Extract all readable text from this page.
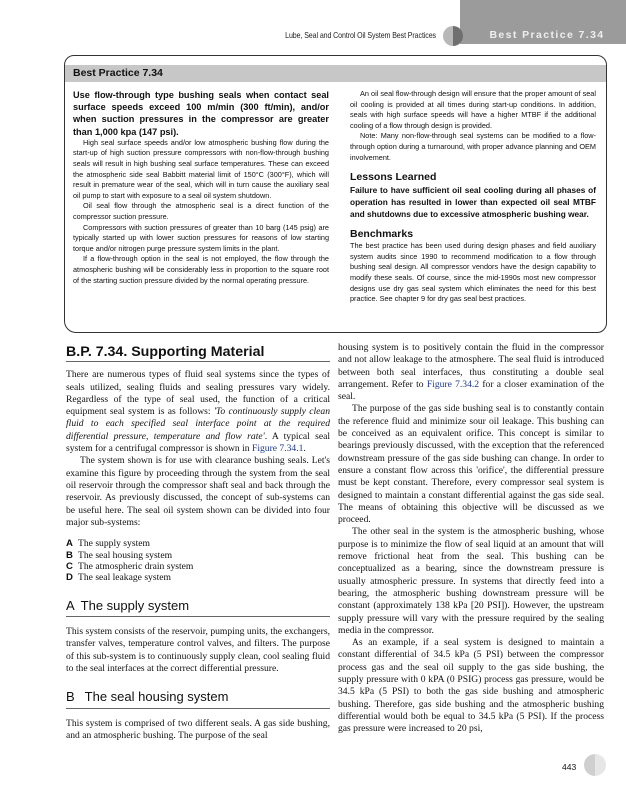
Lube, Seal and Control Oil System Best Practices	Best Practice 7.34
Best Practice 7.34

Use flow-through type bushing seals when contact seal surface speeds exceed 100 m/min (300 ft/min), and/or when suction pressures in the compressor are greater than 1,000 kpa (147 psi).

High seal surface speeds and/or low atmospheric bushing flow during the start-up of high suction pressure compressors with non-flow-through bushing seals will result in high bushing seal surface temperatures. These can exceed the atmospheric side seal Babbitt material limit of 150°C (300°F), which will result in premature wear of the seal, which will in turn cause the auxiliary seal oil pump to start with exposure to a seal oil system shutdown.

Oil seal flow through the atmospheric seal is a direct function of the compressor suction pressure.

Compressors with suction pressures of greater than 10 barg (145 psig) are typically started up with lower suction pressures for reasons of low starting torque and/or nitrogen purge pressure system limits in the plant.

If a flow-through option in the seal is not employed, the flow through the atmospheric bushing will be considerably less in proportion to the square root of the starting suction pressure divided by the normal operating pressure.

An oil seal flow-through design will ensure that the proper amount of seal oil cooling is provided at all times during start-up conditions. In addition, seals with high surface speeds will have a higher MTBF if the additional cooling of a flow through design is provided.

Note: Many non-flow-through seal systems can be modified to a flow-through option during a turnaround, with proper advance planning and OEM involvement.

Lessons Learned

Failure to have sufficient oil seal cooling during all phases of operation has resulted in lower than expected oil seal MTBF and shutdowns due to excessive atmospheric bushing wear.

Benchmarks

The best practice has been used during design phases and field auxiliary system audits since 1990 to recommend modification to a flow through bushing seal design. All compressor vendors have the design capability to modify these seals. Of course, since the mid-1990s most new compressor designs use dry gas seal system which eliminates the need for this best practice. See chapter 9 for dry gas seal best practices.

B.P. 7.34. Supporting Material

There are numerous types of fluid seal systems since the types of seals utilized, sealing fluids and sealing pressures vary widely. Regardless of the type of seal used, the function of a critical equipment seal system is as follows: 'To continuously supply clean fluid to each specified seal interface point at the required differential pressure, temperature and flow rate'. A typical seal system for a centrifugal compressor is shown in Figure 7.34.1.

The system shown is for use with clearance bushing seals. Let's examine this figure by proceeding through the system from the seal oil reservoir through the compressor shaft seal and back through the reservoir. As previously discussed, the concept of sub-systems can be useful here. The seal oil system shown can be divided into four major sub-systems:

A The supply system
B The seal housing system
C The atmospheric drain system
D The seal leakage system
A The supply system

This system consists of the reservoir, pumping units, the exchangers, transfer valves, temperature control valves, and filters. The purpose of this sub-system is to continuously supply clean, cool sealing fluid to the seal interfaces at the correct differential pressure.

B The seal housing system

This system is comprised of two different seals. A gas side bushing, and an atmospheric bushing. The purpose of the seal

housing system is to positively contain the fluid in the compressor and not allow leakage to the atmosphere. The seal fluid is introduced between both seal interfaces, thus constituting a double seal arrangement. Refer to Figure 7.34.2 for a closer examination of the seal.

The purpose of the gas side bushing seal is to constantly contain the reference fluid and minimize sour oil leakage. This bushing can be conceived as an equivalent orifice. This concept is similar to bearings previously discussed, with the exception that the referenced downstream pressure of the gas side bushing can change. In order to ensure a constant flow across this 'orifice', the differential pressure must be kept constant. Therefore, every compressor seal system is designed to maintain a constant differential against the gas side seal. The means of obtaining this objective will be discussed as we proceed.

The other seal in the system is the atmospheric bushing, whose purpose is to minimize the flow of seal liquid at an amount that will remove frictional heat from the seal. This bushing can be conceptualized as a bearing, since the downstream pressure is usually atmospheric pressure. In systems that directly feed into a bearing, the atmospheric bushing downstream pressure will be constant (approximately 138 kPa [20 PSI]). However, the upstream supply pressure will vary with the pressure required by the sealing media in the compressor.

As an example, if a seal system is designed to maintain a constant differential of 34.5 kPa (5 PSI) between the compressor process gas and the seal oil supply to the gas side bushing, the supply pressure with 0 kPA (0 PSIG) process gas pressure, would be 34.5 kPa (5 PSI) to both the gas side bushing and atmospheric bushing. Therefore, gas side bushing and the atmospheric bushing differential would both be equal to 34.5 kPa (5 PSI). If the process gas pressure were increased to 20 psi,

443
